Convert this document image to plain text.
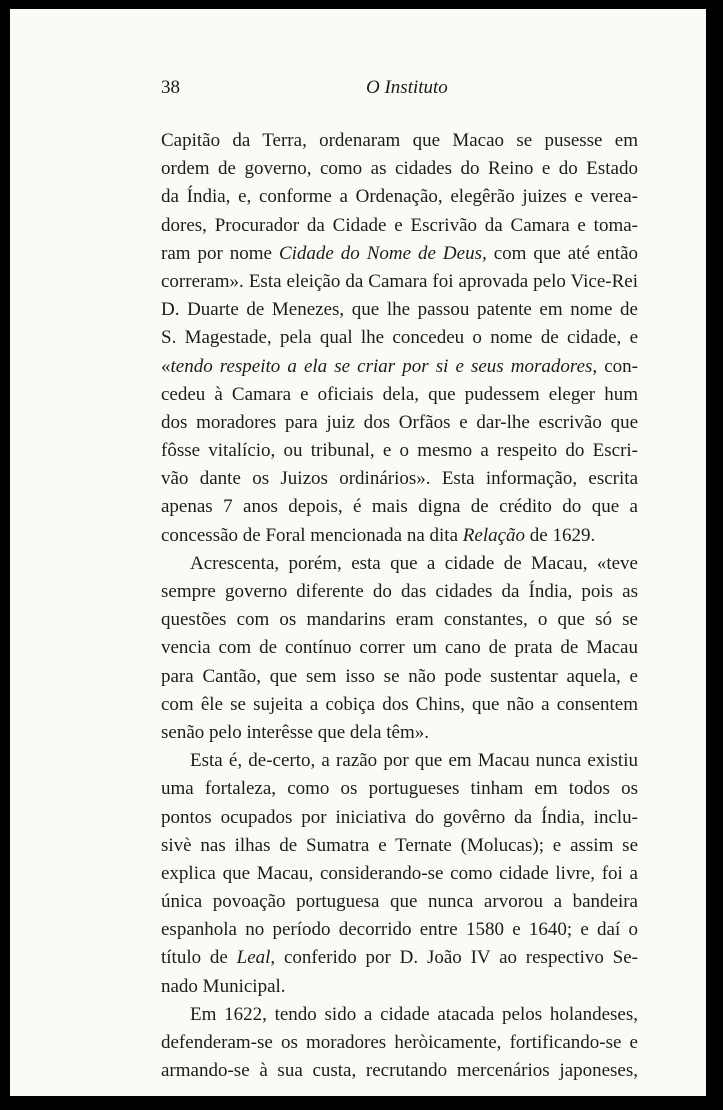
38	O Instituto
Capitão da Terra, ordenaram que Macao se pusesse em
ordem de governo, como as cidades do Reino e do Estado
da Índia, e, conforme a Ordenação, elegêrão juizes e verea-
dores, Procurador da Cidade e Escrivão da Camara e toma-
ram por nome Cidade do Nome de Deus, com que até então
correram». Esta eleição da Camara foi aprovada pelo Vice-Rei
D. Duarte de Menezes, que lhe passou patente em nome de
S. Magestade, pela qual lhe concedeu o nome de cidade, e
«tendo respeito a ela se criar por si e seus moradores, con-
cedeu à Camara e oficiais dela, que pudessem eleger hum
dos moradores para juiz dos Orfãos e dar-lhe escrivão que
fôsse vitalício, ou tribunal, e o mesmo a respeito do Escri-
vão dante os Juizos ordinários». Esta informação, escrita
apenas 7 anos depois, é mais digna de crédito do que a
concessão de Foral mencionada na dita Relação de 1629.
Acrescenta, porém, esta que a cidade de Macau, «teve
sempre governo diferente do das cidades da Índia, pois as
questões com os mandarins eram constantes, o que só se
vencia com de contínuo correr um cano de prata de Macau
para Cantão, que sem isso se não pode sustentar aquela, e
com êle se sujeita a cobiça dos Chins, que não a consentem
senão pelo interêsse que dela têm».
Esta é, de-certo, a razão por que em Macau nunca existiu
uma fortaleza, como os portugueses tinham em todos os
pontos ocupados por iniciativa do govêrno da Índia, inclu-
sivè nas ilhas de Sumatra e Ternate (Molucas); e assim se
explica que Macau, considerando-se como cidade livre, foi a
única povoação portuguesa que nunca arvorou a bandeira
espanhola no período decorrido entre 1580 e 1640; e daí o
título de Leal, conferido por D. João IV ao respectivo Se-
nado Municipal.
Em 1622, tendo sido a cidade atacada pelos holandeses,
defenderam-se os moradores heròicamente, fortificando-se e
armando-se à sua custa, recrutando mercenários japoneses,
